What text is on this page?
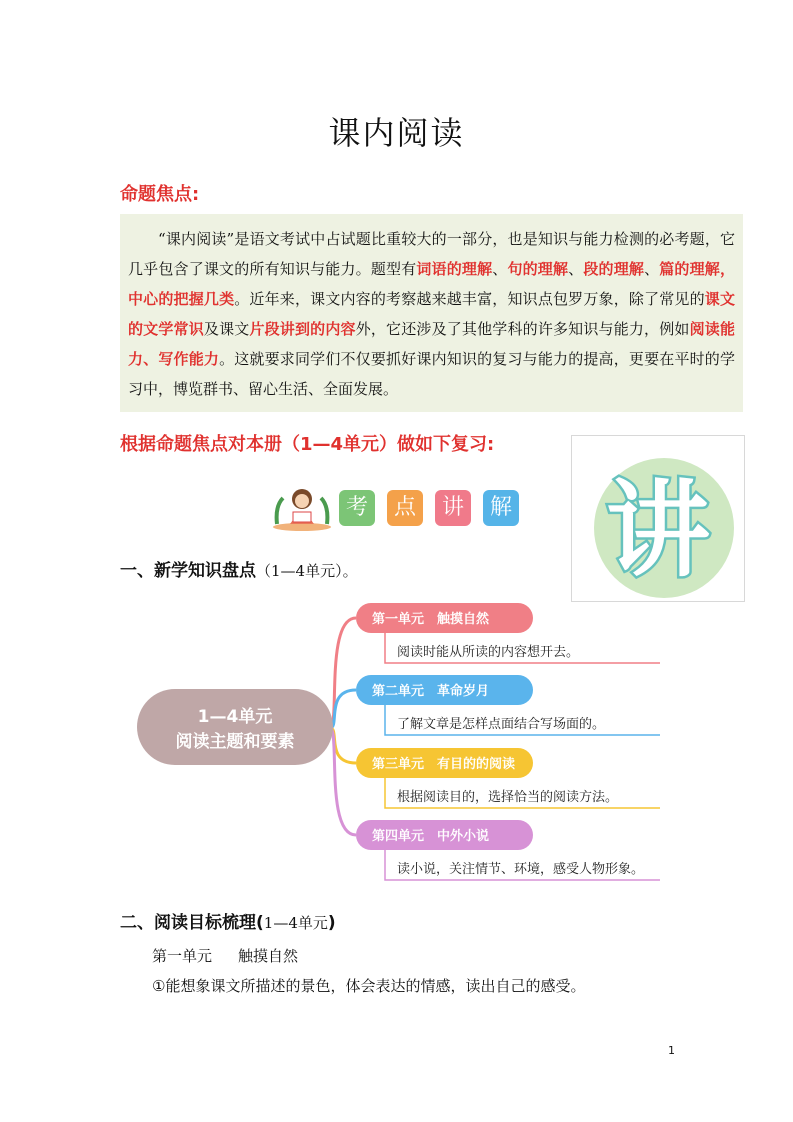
课内阅读
命题焦点:

“课内阅读”是语文考试中占试题比重较大的一部分，也是知识与能力检测的必考题，它几乎包含了课文的所有知识与能力。题型有词语的理解、句的理解、段的理解、篇的理解，中心的把握几类。近年来，课文内容的考察越来越丰富，知识点包罗万象，除了常见的课文的文学常识及课文片段讲到的内容外，它还涉及了其他学科的许多知识与能力，例如阅读能力、写作能力。这就要求同学们不仅要抓好课内知识的复习与能力的提高，更要在平时的学习中，博览群书、留心生活、全面发展。

根据命题焦点对本册（1—4单元）做如下复习:
考	点	讲	解 讲
一、新学知识盘点（1—4单元）。
第一单元　触摸自然
阅读时能从所读的内容想开去。
第二单元　革命岁月
了解文章是怎样点面结合写场面的。
第三单元　有目的的阅读
根据阅读目的，选择恰当的阅读方法。
第四单元　中外小说
读小说，关注情节、环境，感受人物形象。
1—4单元
阅读主题和要素
二、阅读目标梳理(1—4单元)
第一单元 触摸自然
①能想象课文所描述的景色，体会表达的情感，读出自己的感受。
1
